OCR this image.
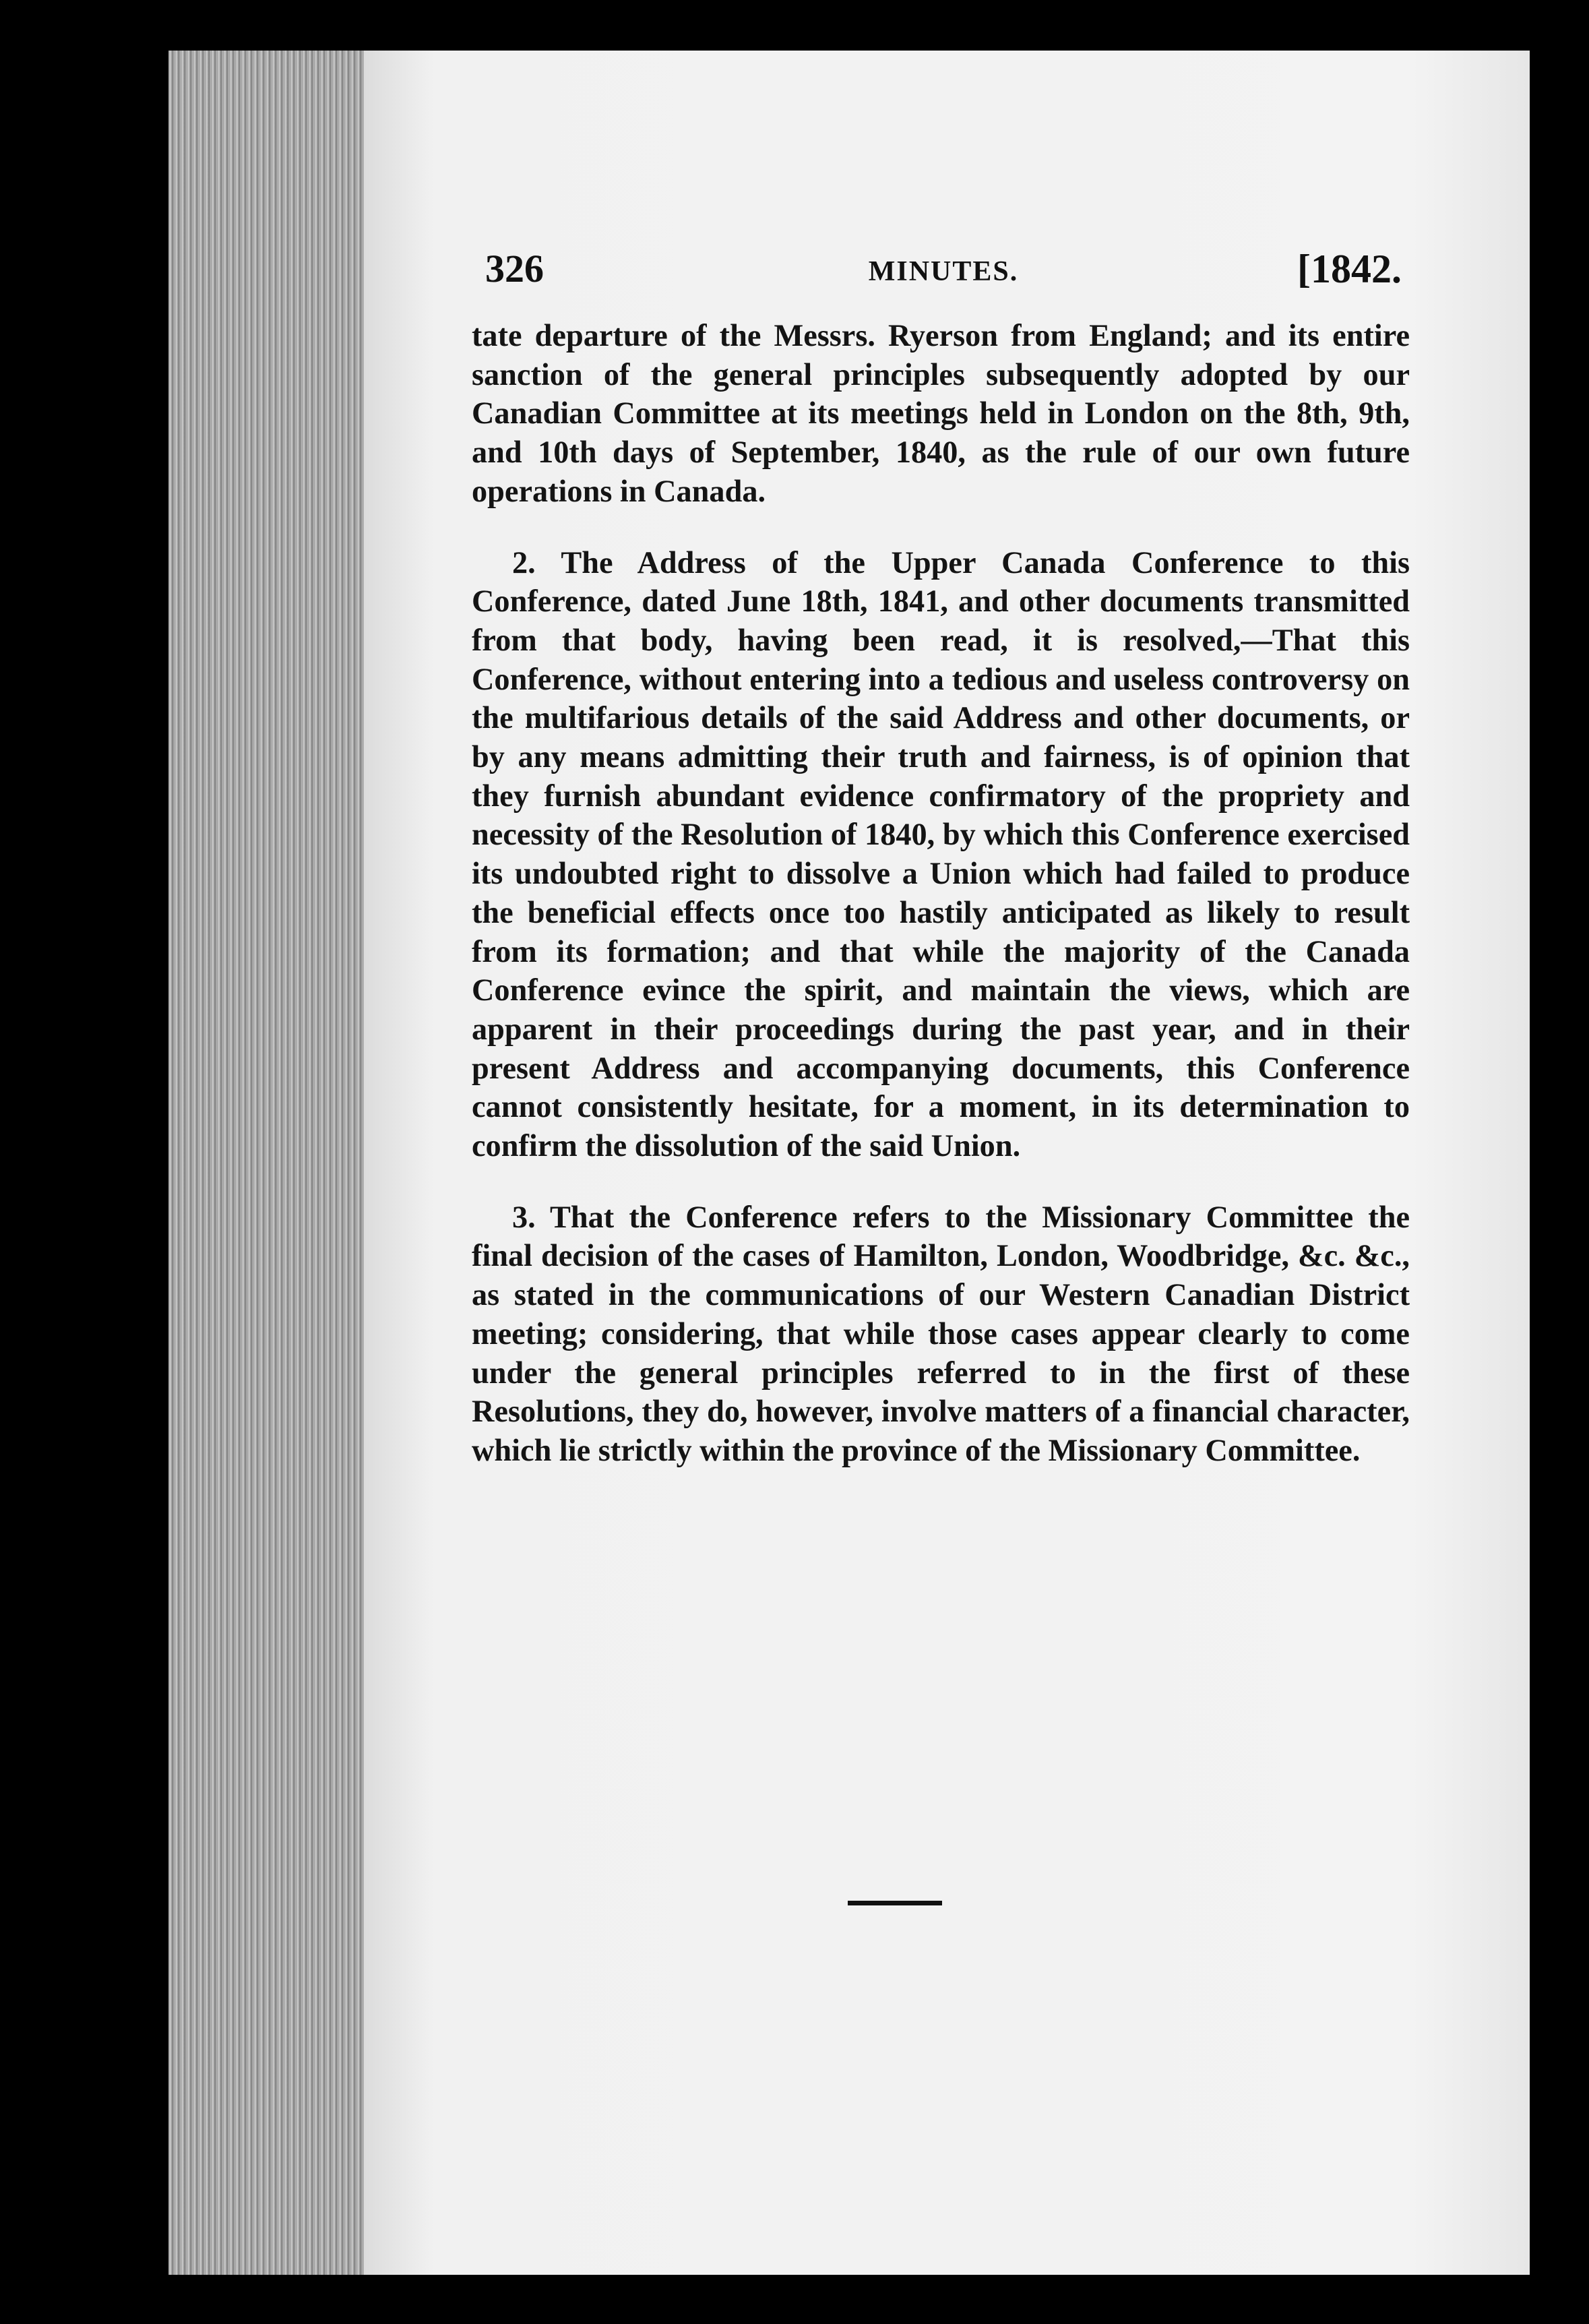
326	MINUTES.	[1842.

tate departure of the Messrs. Ryerson from England; and its entire sanction of the general principles subsequently adopted by our Canadian Committee at its meetings held in London on the 8th, 9th, and 10th days of September, 1840, as the rule of our own future operations in Canada.

2. The Address of the Upper Canada Conference to this Conference, dated June 18th, 1841, and other documents transmitted from that body, having been read, it is resolved,—That this Conference, without entering into a tedious and useless controversy on the multifarious details of the said Address and other documents, or by any means admitting their truth and fairness, is of opinion that they furnish abundant evidence confirmatory of the propriety and necessity of the Resolution of 1840, by which this Conference exercised its undoubted right to dissolve a Union which had failed to produce the beneficial effects once too hastily anticipated as likely to result from its formation; and that while the majority of the Canada Conference evince the spirit, and maintain the views, which are apparent in their proceedings during the past year, and in their present Address and accompanying documents, this Conference cannot consistently hesitate, for a moment, in its determination to confirm the dissolution of the said Union.

3. That the Conference refers to the Missionary Committee the final decision of the cases of Hamilton, London, Woodbridge, &c. &c., as stated in the communications of our Western Canadian District meeting; considering, that while those cases appear clearly to come under the general principles referred to in the first of these Resolutions, they do, however, involve matters of a financial character, which lie strictly within the province of the Missionary Committee.
